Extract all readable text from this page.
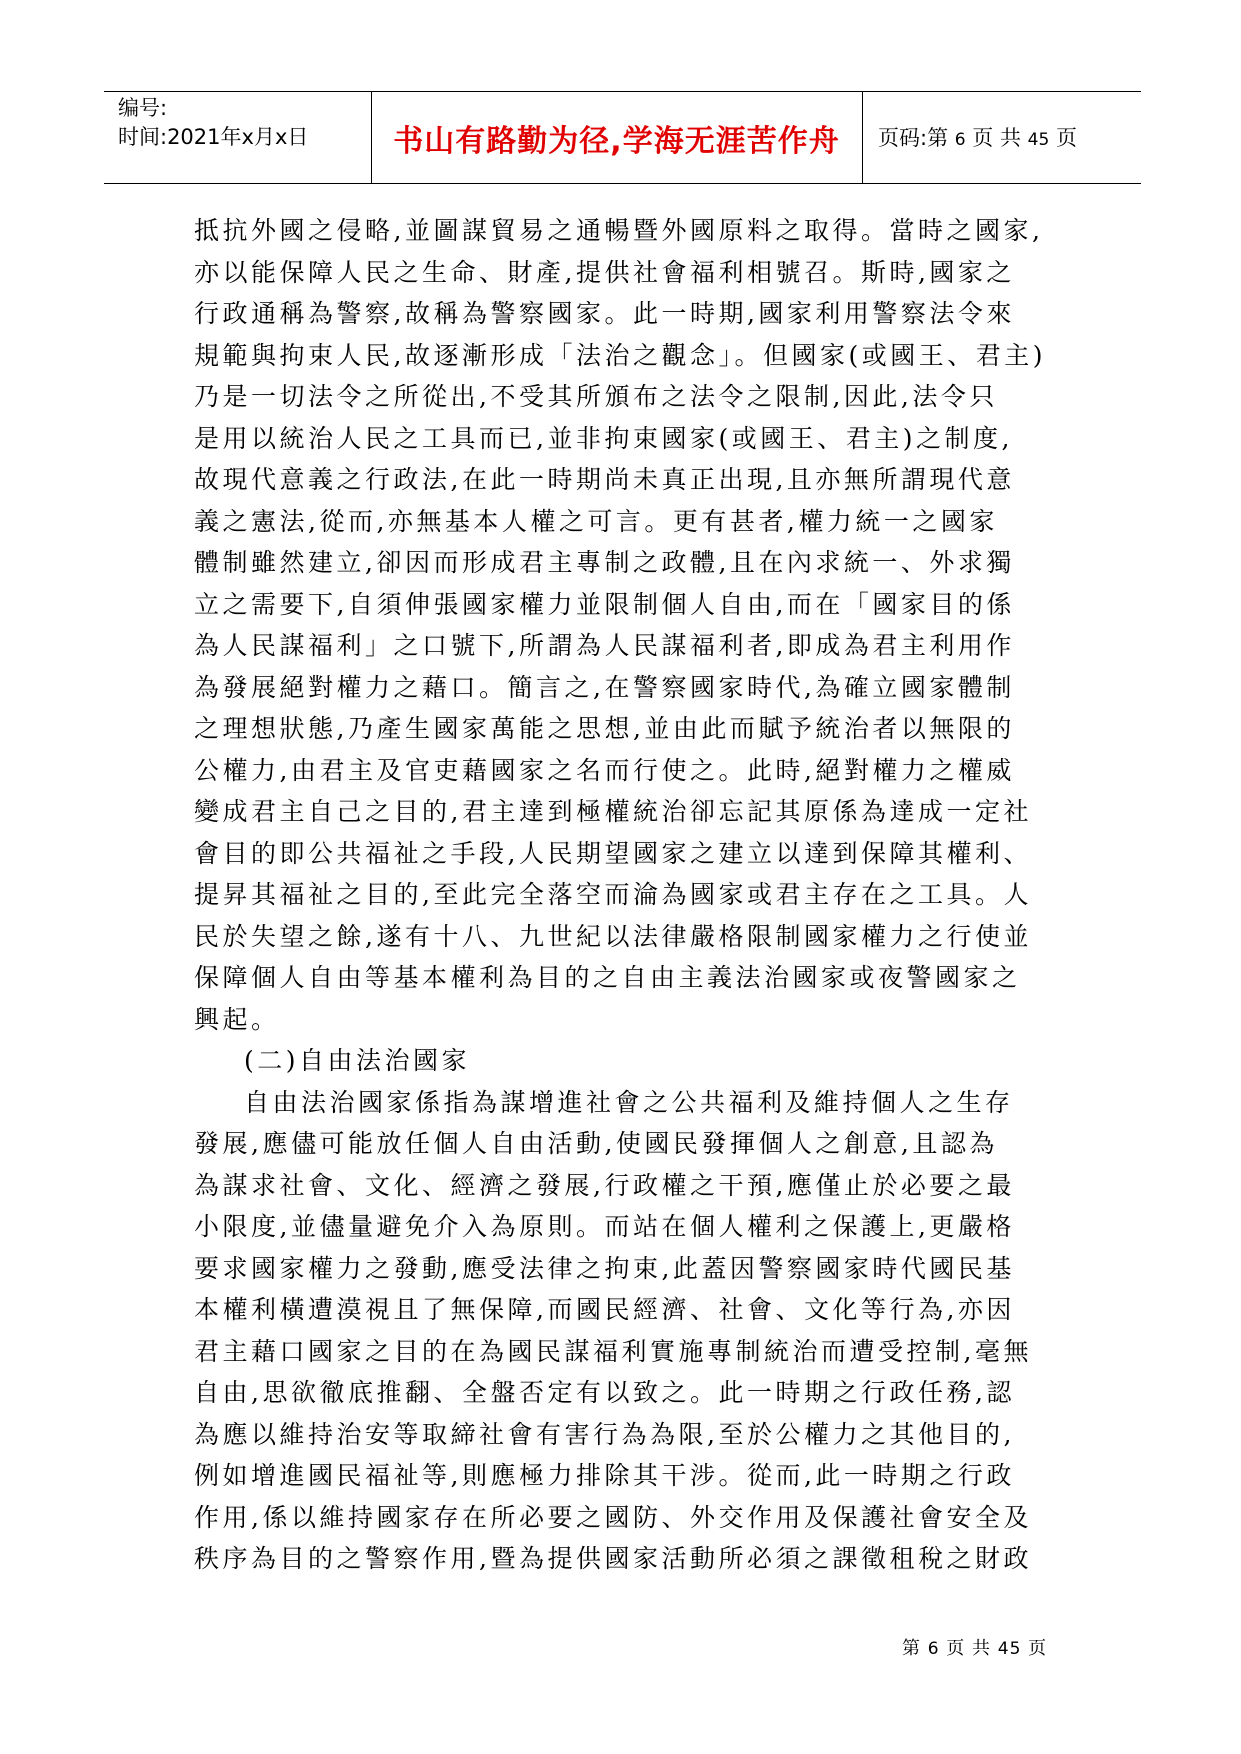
编号:
时间:2021年x月x日	书山有路勤为径,学海无涯苦作舟	页码:第 6 页 共 45 页
抵抗外國之侵略,並圖謀貿易之通暢暨外國原料之取得。當時之國家,
亦以能保障人民之生命、財產,提供社會福利相號召。斯時,國家之
行政通稱為警察,故稱為警察國家。此一時期,國家利用警察法令來
規範與拘束人民,故逐漸形成「法治之觀念」。但國家(或國王、君主)
乃是一切法令之所從出,不受其所頒布之法令之限制,因此,法令只
是用以統治人民之工具而已,並非拘束國家(或國王、君主)之制度,
故現代意義之行政法,在此一時期尚未真正出現,且亦無所謂現代意
義之憲法,從而,亦無基本人權之可言。更有甚者,權力統一之國家
體制雖然建立,卻因而形成君主專制之政體,且在內求統一、外求獨
立之需要下,自須伸張國家權力並限制個人自由,而在「國家目的係
為人民謀福利」之口號下,所謂為人民謀福利者,即成為君主利用作
為發展絕對權力之藉口。簡言之,在警察國家時代,為確立國家體制
之理想狀態,乃產生國家萬能之思想,並由此而賦予統治者以無限的
公權力,由君主及官吏藉國家之名而行使之。此時,絕對權力之權威
變成君主自己之目的,君主達到極權統治卻忘記其原係為達成一定社
會目的即公共福祉之手段,人民期望國家之建立以達到保障其權利、
提昇其福祉之目的,至此完全落空而淪為國家或君主存在之工具。人
民於失望之餘,遂有十八、九世紀以法律嚴格限制國家權力之行使並
保障個人自由等基本權利為目的之自由主義法治國家或夜警國家之
興起。
(二)自由法治國家
自由法治國家係指為謀增進社會之公共福利及維持個人之生存
發展,應儘可能放任個人自由活動,使國民發揮個人之創意,且認為
為謀求社會、文化、經濟之發展,行政權之干預,應僅止於必要之最
小限度,並儘量避免介入為原則。而站在個人權利之保護上,更嚴格
要求國家權力之發動,應受法律之拘束,此蓋因警察國家時代國民基
本權利橫遭漠視且了無保障,而國民經濟、社會、文化等行為,亦因
君主藉口國家之目的在為國民謀福利實施專制統治而遭受控制,毫無
自由,思欲徹底推翻、全盤否定有以致之。此一時期之行政任務,認
為應以維持治安等取締社會有害行為為限,至於公權力之其他目的,
例如增進國民福祉等,則應極力排除其干涉。從而,此一時期之行政
作用,係以維持國家存在所必要之國防、外交作用及保護社會安全及
秩序為目的之警察作用,暨為提供國家活動所必須之課徵租稅之財政
第 6 页 共 45 页
